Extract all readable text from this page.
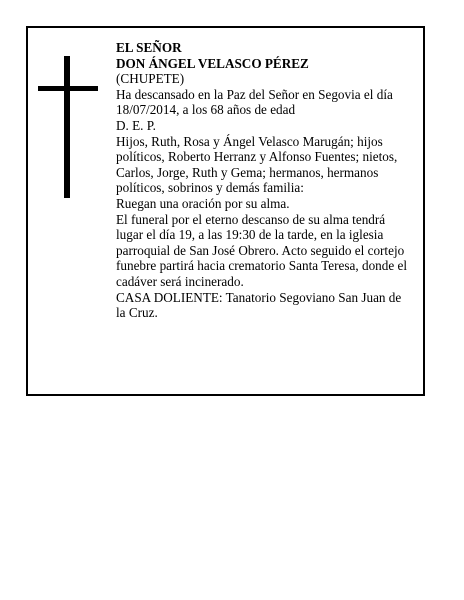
EL SEÑOR

DON ÁNGEL VELASCO PÉREZ

(CHUPETE)

Ha descansado en la Paz del Señor en Segovia el día

18/07/2014, a los 68 años de edad

D. E. P.

Hijos, Ruth, Rosa y Ángel Velasco Marugán; hijos

políticos, Roberto Herranz y Alfonso Fuentes; nietos,

Carlos, Jorge, Ruth y Gema; hermanos, hermanos

políticos, sobrinos y demás familia:

Ruegan una oración por su alma.

El funeral por el eterno descanso de su alma tendrá

lugar el día 19, a las 19:30 de la tarde, en la iglesia

parroquial de San José Obrero. Acto seguido el cortejo

funebre partirá hacia crematorio Santa Teresa, donde el

cadáver será incinerado.

CASA DOLIENTE: Tanatorio Segoviano San Juan de

la Cruz.
